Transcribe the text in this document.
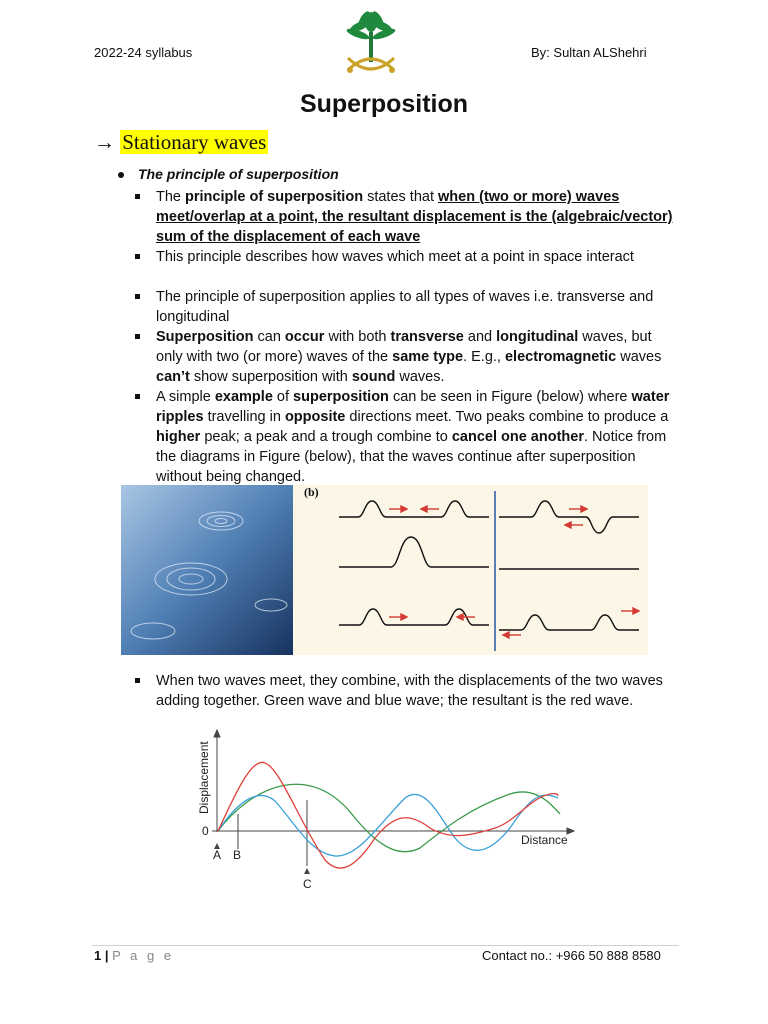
2022-24 syllabus	By: Sultan ALShehri
Superposition
→ Stationary waves
The principle of superposition
The principle of superposition states that when (two or more) waves meet/overlap at a point, the resultant displacement is the (algebraic/vector) sum of the displacement of each wave
This principle describes how waves which meet at a point in space interact
The principle of superposition applies to all types of waves i.e. transverse and longitudinal
Superposition can occur with both transverse and longitudinal waves, but only with two (or more) waves of the same type. E.g., electromagnetic waves can’t show superposition with sound waves.
A simple example of superposition can be seen in Figure (below) where water ripples travelling in opposite directions meet. Two peaks combine to produce a higher peak; a peak and a trough combine to cancel one another. Notice from the diagrams in Figure (below), that the waves continue after superposition without being changed.
(b)
When two waves meet, they combine, with the displacements of the two waves adding together. Green wave and blue wave; the resultant is the red wave.
Displacement
Distance
0
A B
C
1 | P a g e	Contact no.: +966 50 888 8580
